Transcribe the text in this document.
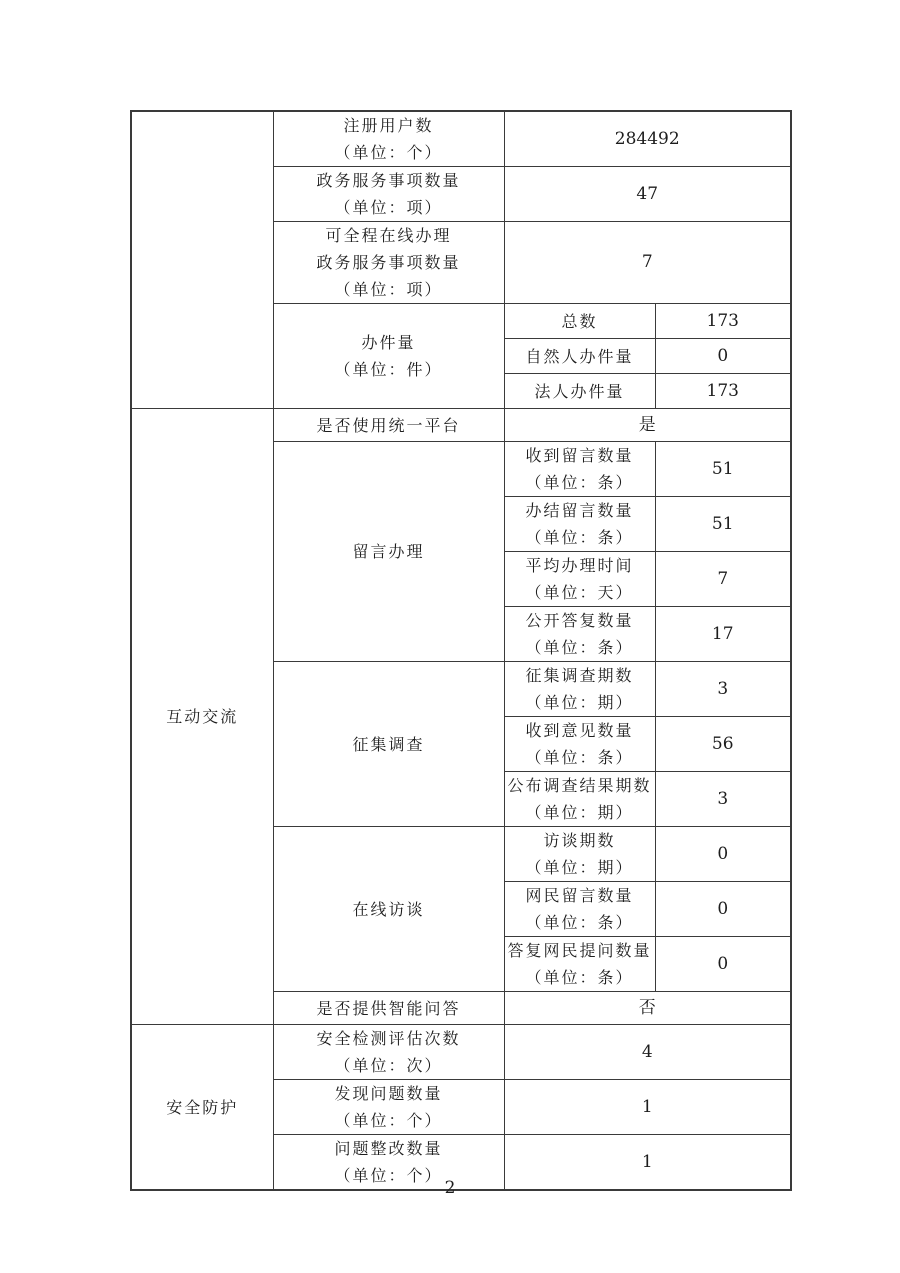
	注册用户数
（单位：个）	284492	

	政务服务事项数量
（单位：项）	47	

	可全程在线办理
政务服务事项数量
（单位：项）	7	

	办件量
（单位：件）	总数	173
		自然人办件量	0
		法人办件量	173
互动交流	是否使用统一平台	是	
	留言办理	收到留言数量
（单位：条）	51

		办结留言数量
（单位：条）	51

		平均办理时间
（单位：天）	7

		公开答复数量
（单位：条）	17
	征集调查	征集调查期数
（单位：期）	3

		收到意见数量
（单位：条）	56

		公布调查结果期数
（单位：期）	3
	在线访谈	访谈期数
（单位：期）	0

		网民留言数量
（单位：条）	0

		答复网民提问数量
（单位：条）	0
	是否提供智能问答	否	
安全防护	安全检测评估次数
（单位：次）	4	

	发现问题数量
（单位：个）	1	

	问题整改数量
（单位：个）	1	
2
